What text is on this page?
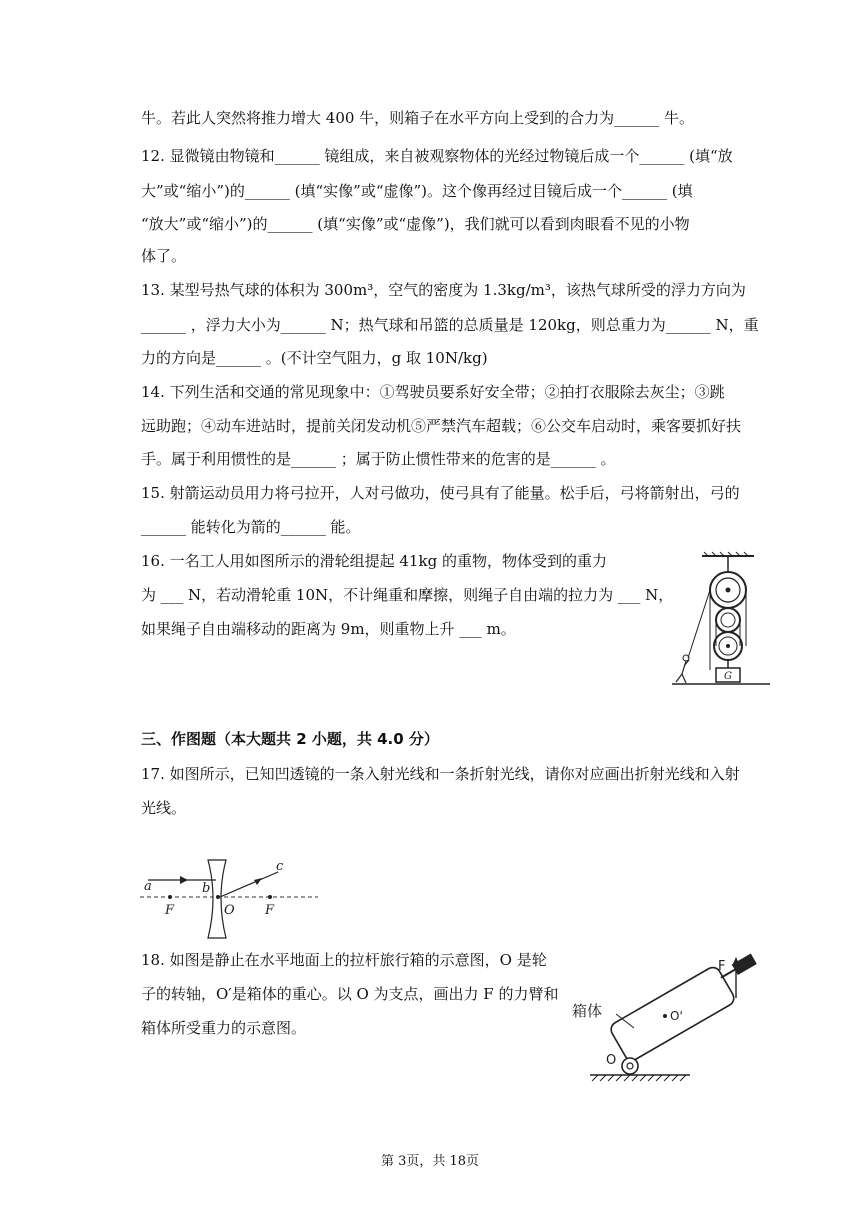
牛。若此人突然将推力增大 400 牛，则箱子在水平方向上受到的合力为______ 牛。
12. 显微镜由物镜和______ 镜组成，来自被观察物体的光经过物镜后成一个______ (填“放
大”或“缩小”)的______ (填“实像”或“虚像”)。这个像再经过目镜后成一个______ (填
“放大”或“缩小”)的______ (填“实像”或“虚像”)，我们就可以看到肉眼看不见的小物
体了。
13. 某型号热气球的体积为 300m³，空气的密度为 1.3kg/m³，该热气球所受的浮力方向为
______ ，浮力大小为______ N；热气球和吊篮的总质量是 120kg，则总重力为______ N，重
力的方向是______ 。(不计空气阻力，g 取 10N/kg)
14. 下列生活和交通的常见现象中：①驾驶员要系好安全带；②拍打衣服除去灰尘；③跳
远助跑；④动车进站时，提前关闭发动机⑤严禁汽车超载；⑥公交车启动时，乘客要抓好扶
手。属于利用惯性的是______ ；属于防止惯性带来的危害的是______ 。
15. 射箭运动员用力将弓拉开，人对弓做功，使弓具有了能量。松手后，弓将箭射出，弓的
______ 能转化为箭的______ 能。
16. 一名工人用如图所示的滑轮组提起 41kg 的重物，物体受到的重力
为 ___ N，若动滑轮重 10N，不计绳重和摩擦，则绳子自由端的拉力为 ___ N，
如果绳子自由端移动的距离为 9m，则重物上升 ___ m。
G
三、作图题（本大题共 2 小题，共 4.0 分）
17. 如图所示，已知凹透镜的一条入射光线和一条折射光线，请你对应画出折射光线和入射
光线。
a	b
c
O
F	F
18. 如图是静止在水平地面上的拉杆旅行箱的示意图，O 是轮
子的转轴，O′是箱体的重心。以 O 为支点，画出力 F 的力臂和
箱体所受重力的示意图。
F
O'
箱体
O
第 3页，共 18页
